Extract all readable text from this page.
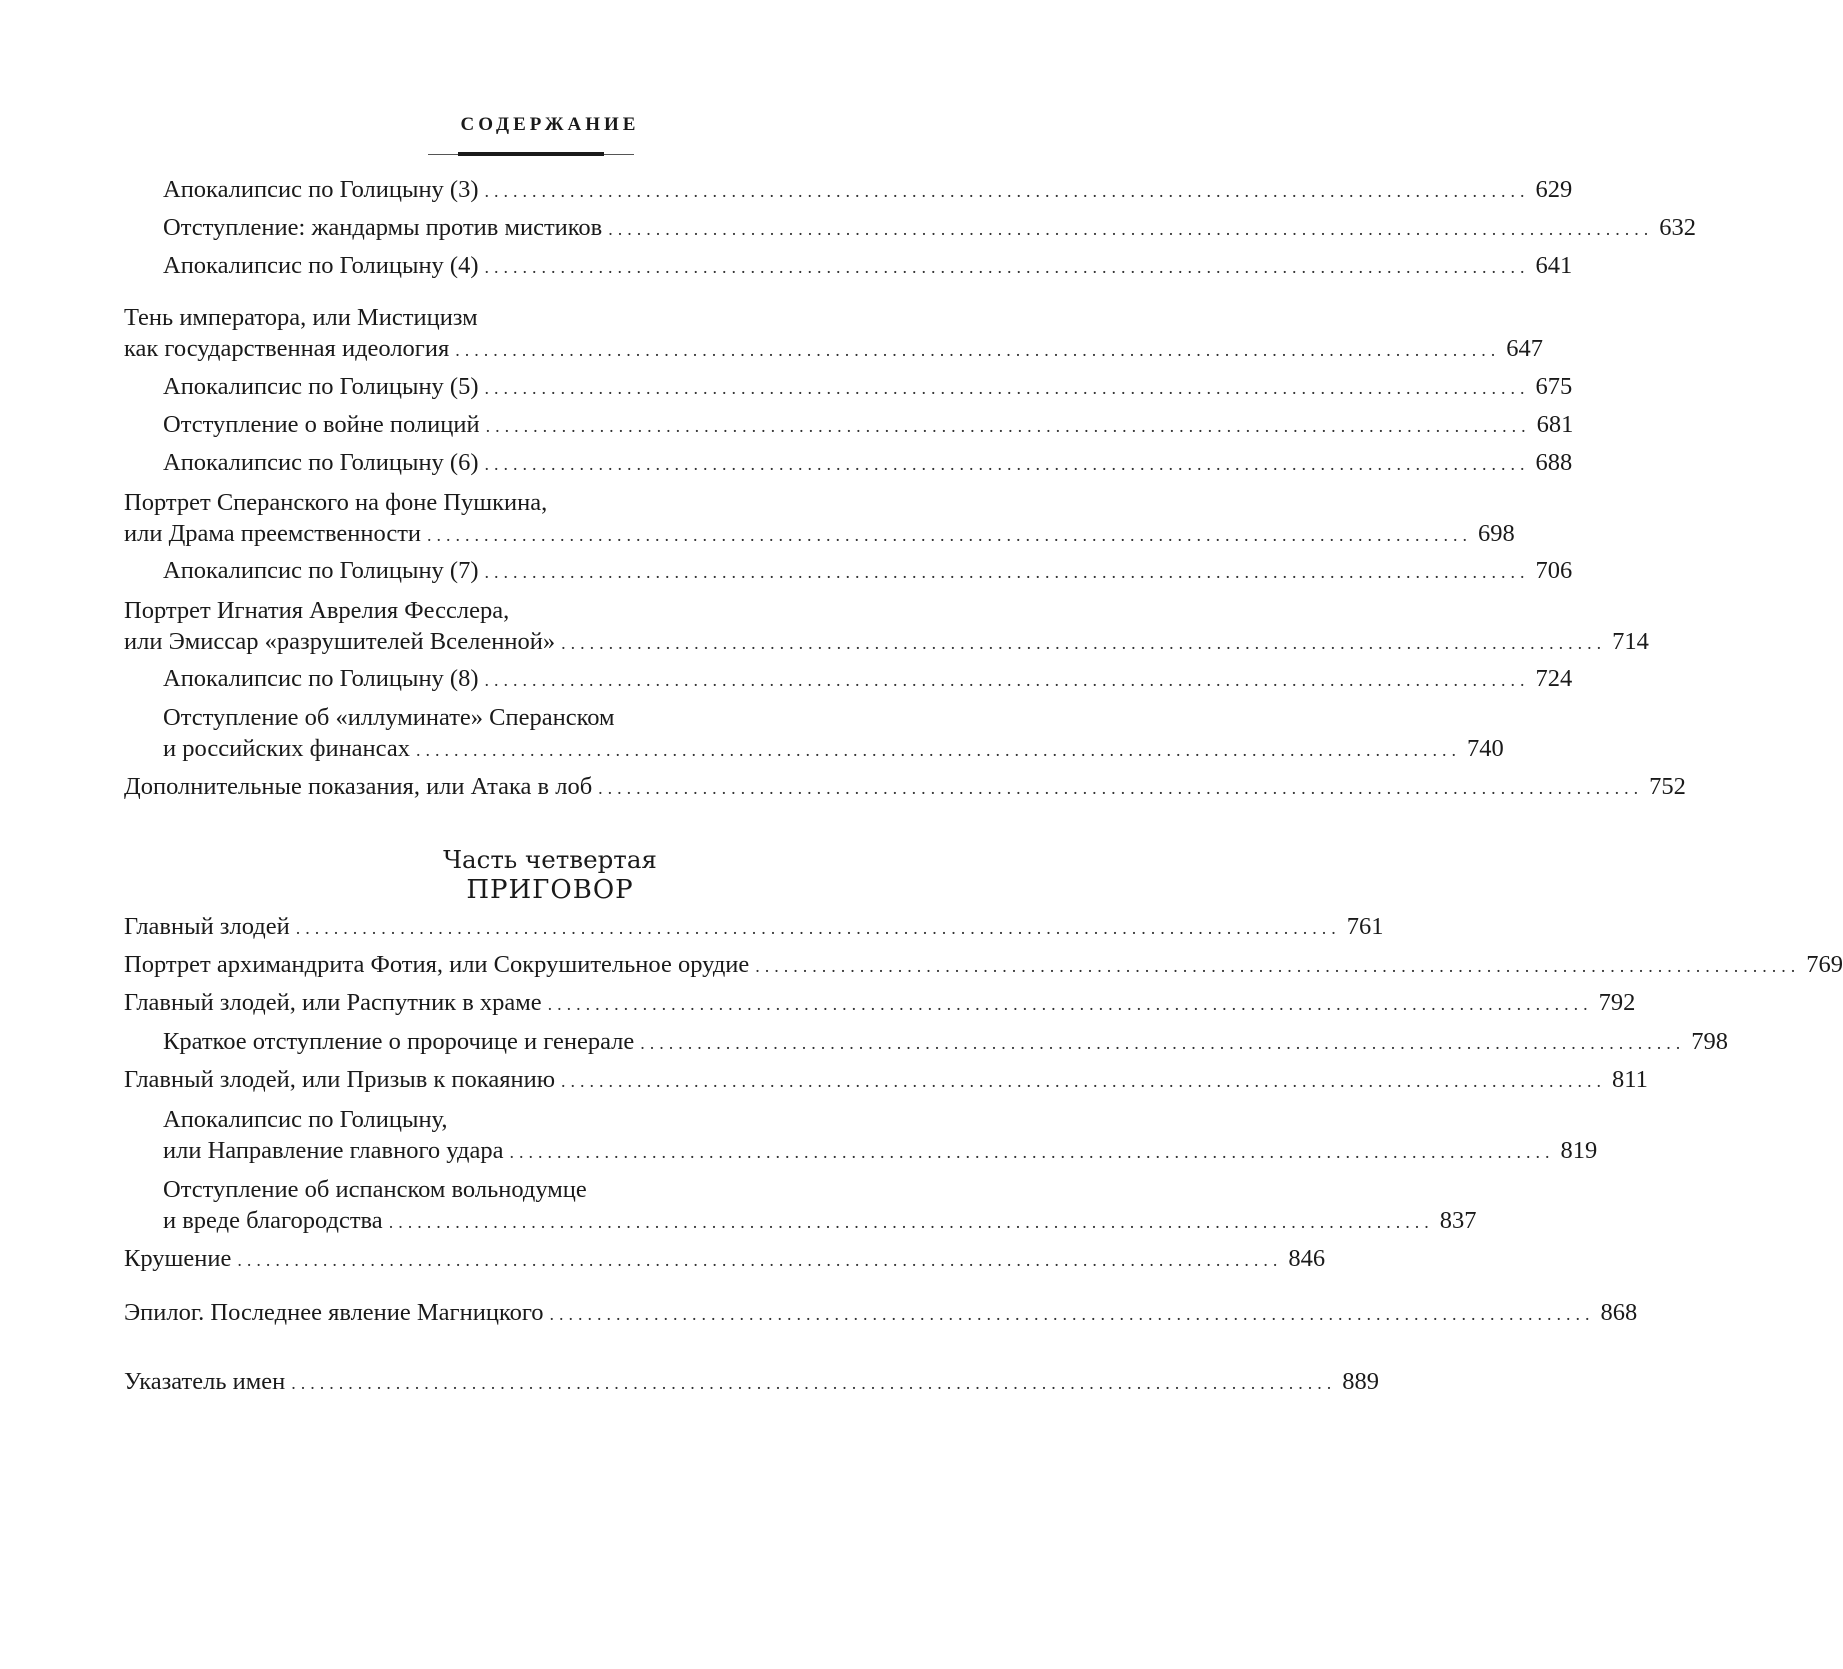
СОДЕРЖАНИЕ
Апокалипсис по Голицыну (3) .............................................................................................................. 629
Отступление: жандармы против мистиков .............................................................................................................. 632
Апокалипсис по Голицыну (4) .............................................................................................................. 641
Тень императора, или Мистицизм
как государственная идеология .............................................................................................................. 647
Апокалипсис по Голицыну (5) .............................................................................................................. 675
Отступление о войне полиций .............................................................................................................. 681
Апокалипсис по Голицыну (6) .............................................................................................................. 688
Портрет Сперанского на фоне Пушкина,
или Драма преемственности .............................................................................................................. 698
Апокалипсис по Голицыну (7) .............................................................................................................. 706
Портрет Игнатия Аврелия Фесслера,
или Эмиссар «разрушителей Вселенной» .............................................................................................................. 714
Апокалипсис по Голицыну (8) .............................................................................................................. 724
Отступление об «иллуминате» Сперанском
и российских финансах .............................................................................................................. 740
Дополнительные показания, или Атака в лоб .............................................................................................................. 752
Часть четвертая
ПРИГОВОР
Главный злодей .............................................................................................................. 761
Портрет архимандрита Фотия, или Сокрушительное орудие .............................................................................................................. 769
Главный злодей, или Распутник в храме .............................................................................................................. 792
Краткое отступление о пророчице и генерале .............................................................................................................. 798
Главный злодей, или Призыв к покаянию .............................................................................................................. 811
Апокалипсис по Голицыну,
или Направление главного удара .............................................................................................................. 819
Отступление об испанском вольнодумце
и вреде благородства .............................................................................................................. 837
Крушение .............................................................................................................. 846
Эпилог. Последнее явление Магницкого .............................................................................................................. 868
Указатель имен .............................................................................................................. 889
